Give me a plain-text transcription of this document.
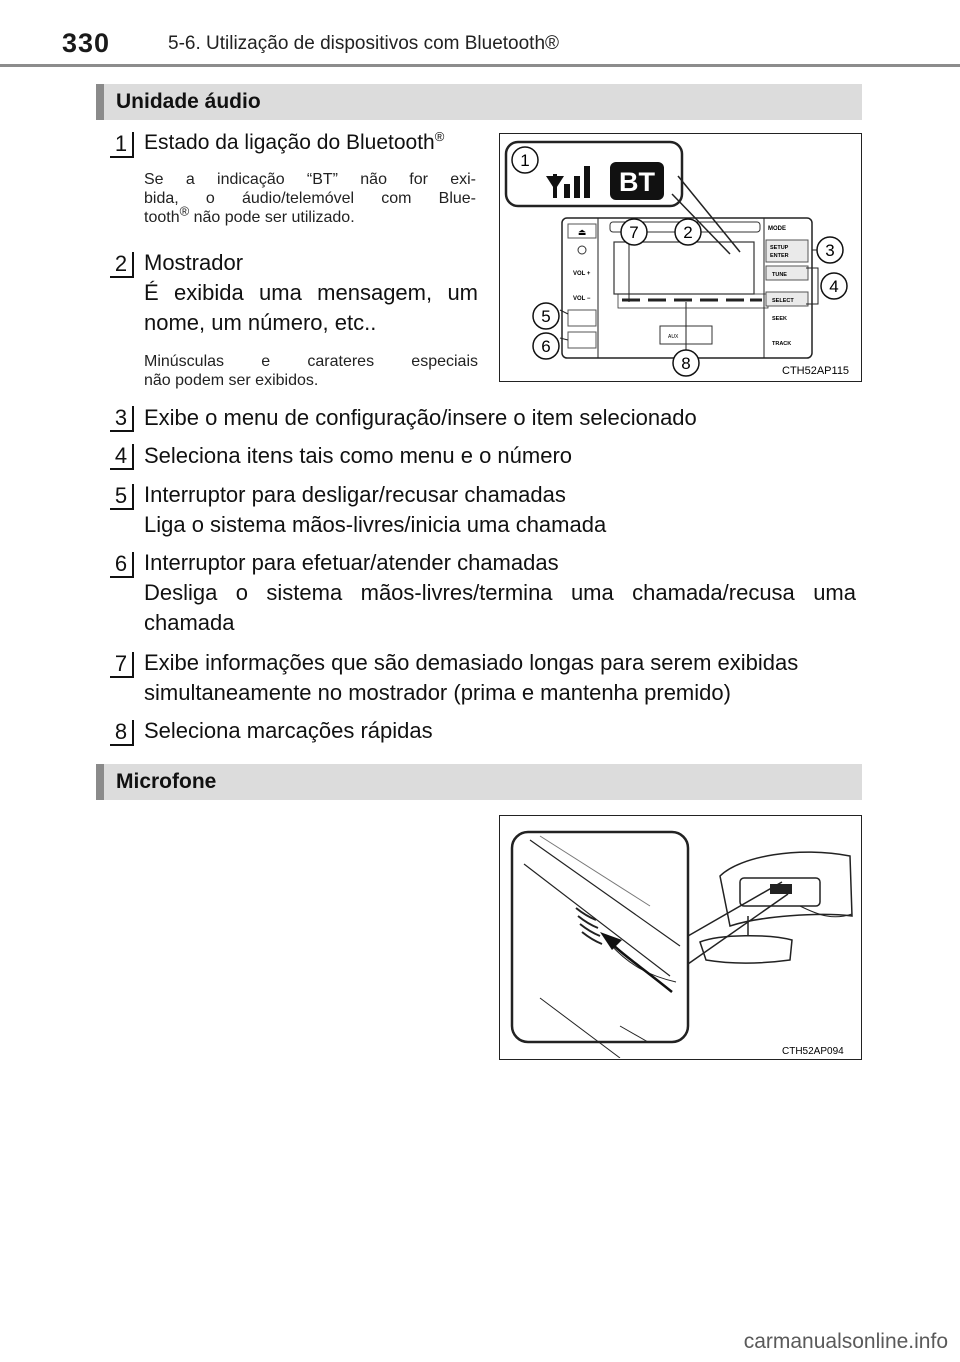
330	5-6. Utilização de dispositivos com Bluetooth®
Unidade áudio
1 Estado da ligação do Bluetooth®
Se a indicação “BT” não for exi-
bida, o áudio/telemóvel com Blue-
tooth® não pode ser utilizado.
2 Mostrador
É exibida uma mensagem, um
nome, um número, etc..
Minúsculas e carateres especiais
não podem ser exibidos.
⏏
VOL +
VOL −
AUX
MODE
SETUP
ENTER
TUNE
SELECT
SEEK
TRACK
BT
1
7	2
3
4
5
6
8	CTH52AP115
3 Exibe o menu de configuração/insere o item selecionado
4 Seleciona itens tais como menu e o número
5 Interruptor para desligar/recusar chamadas
Liga o sistema mãos-livres/inicia uma chamada
6 Interruptor para efetuar/atender chamadas
Desliga o sistema mãos-livres/termina uma chamada/recusa uma
chamada
7 Exibe informações que são demasiado longas para serem exibidas
simultaneamente no mostrador (prima e mantenha premido)
8 Seleciona marcações rápidas
Microfone
CTH52AP094
carmanualsonline.info
